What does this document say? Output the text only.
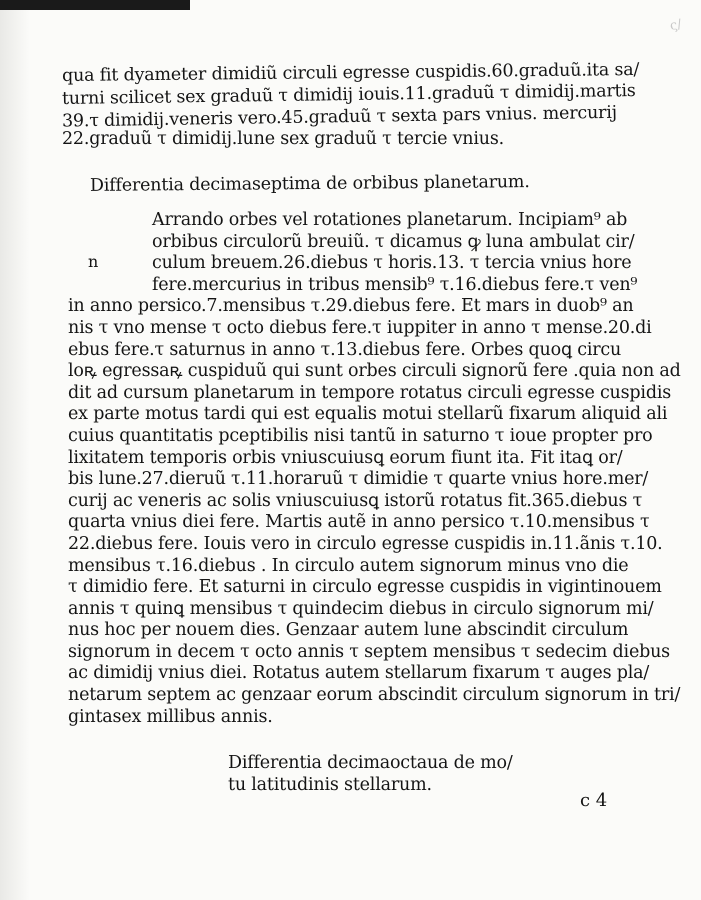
ς/
qua fit dyameter dimidiũ circuli egresse cuspidis.60.graduũ.ita sa/
turni scilicet sex graduũ τ dimidij iouis.11.graduũ τ dimidij.martis
39.τ dimidij.veneris vero.45.graduũ τ sexta pars vnius. mercurij
22.graduũ τ dimidij.lune sex graduũ τ tercie vnius.
Differentia decimaseptima de orbibus planetarum.
n
Arrando orbes vel rotationes planetarum. Incipiam⁹ ab
orbibus circulorũ breuiũ. τ dicamus ꝙ luna ambulat cir/
culum breuem.26.diebus τ horis.13. τ tercia vnius hore
fere.mercurius in tribus mensib⁹ τ.16.diebus fere.τ ven⁹
in anno persico.7.mensibus τ.29.diebus fere. Et mars in duob⁹ an
nis τ vno mense τ octo diebus fere.τ iuppiter in anno τ mense.20.di
ebus fere.τ saturnus in anno τ.13.diebus fere. Orbes quoꝗ circu
loꝶ egressaꝶ cuspiduũ qui sunt orbes circuli signorũ fere .quia non ad
dit ad cursum planetarum in tempore rotatus circuli egresse cuspidis
ex parte motus tardi qui est equalis motui stellarũ fixarum aliquid ali
cuius quantitatis pceptibilis nisi tantũ in saturno τ ioue propter pro
lixitatem temporis orbis vniuscuiusꝗ eorum fiunt ita. Fit itaꝗ or/
bis lune.27.dieruũ τ.11.horaruũ τ dimidie τ quarte vnius hore.mer/
curij ac veneris ac solis vniuscuiusꝗ istorũ rotatus fit.365.diebus τ
quarta vnius diei fere. Martis autẽ in anno persico τ.10.mensibus τ
22.diebus fere. Iouis vero in circulo egresse cuspidis in.11.ãnis τ.10.
mensibus τ.16.diebus . In circulo autem signorum minus vno die
τ dimidio fere. Et saturni in circulo egresse cuspidis in vigintinouem
annis τ quinꝗ mensibus τ quindecim diebus in circulo signorum mi/
nus hoc per nouem dies. Genzaar autem lune abscindit circulum
signorum in decem τ octo annis τ septem mensibus τ sedecim diebus
ac dimidij vnius diei. Rotatus autem stellarum fixarum τ auges pla/
netarum septem ac genzaar eorum abscindit circulum signorum in tri/
gintasex millibus annis.
Differentia decimaoctaua de mo/
tu latitudinis stellarum.
c 4
